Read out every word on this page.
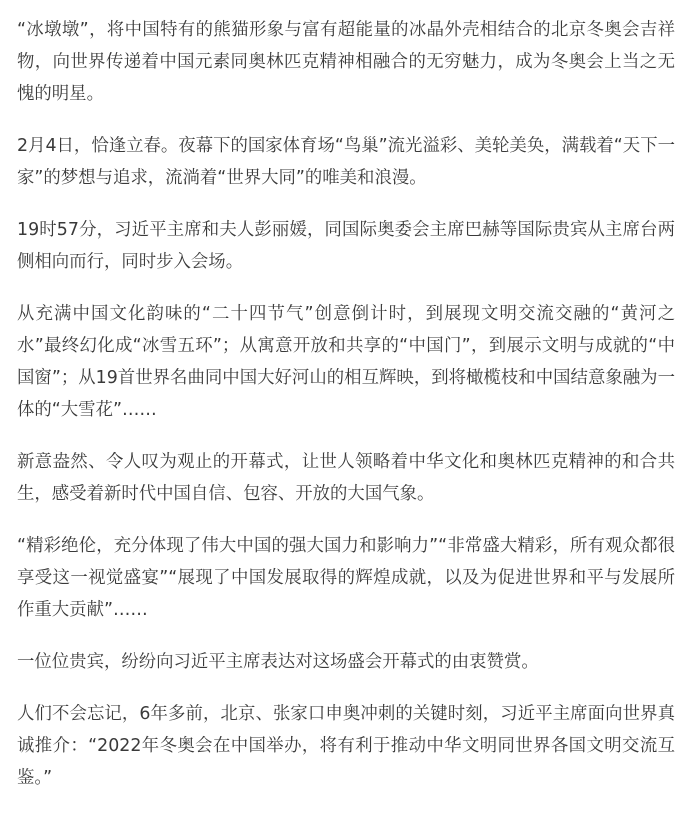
“冰墩墩”，将中国特有的熊猫形象与富有超能量的冰晶外壳相结合的北京冬奥会吉祥物，向世界传递着中国元素同奥林匹克精神相融合的无穷魅力，成为冬奥会上当之无愧的明星。

2月4日，恰逢立春。夜幕下的国家体育场“鸟巢”流光溢彩、美轮美奂，满载着“天下一家”的梦想与追求，流淌着“世界大同”的唯美和浪漫。

19时57分，习近平主席和夫人彭丽媛，同国际奥委会主席巴赫等国际贵宾从主席台两侧相向而行，同时步入会场。

从充满中国文化韵味的“二十四节气”创意倒计时，到展现文明交流交融的“黄河之水”最终幻化成“冰雪五环”；从寓意开放和共享的“中国门”，到展示文明与成就的“中国窗”；从19首世界名曲同中国大好河山的相互辉映，到将橄榄枝和中国结意象融为一体的“大雪花”……

新意盎然、令人叹为观止的开幕式，让世人领略着中华文化和奥林匹克精神的和合共生，感受着新时代中国自信、包容、开放的大国气象。

“精彩绝伦，充分体现了伟大中国的强大国力和影响力”“非常盛大精彩，所有观众都很享受这一视觉盛宴”“展现了中国发展取得的辉煌成就，以及为促进世界和平与发展所作重大贡献”……

一位位贵宾，纷纷向习近平主席表达对这场盛会开幕式的由衷赞赏。

人们不会忘记，6年多前，北京、张家口申奥冲刺的关键时刻，习近平主席面向世界真诚推介：“2022年冬奥会在中国举办，将有利于推动中华文明同世界各国文明交流互鉴。”
